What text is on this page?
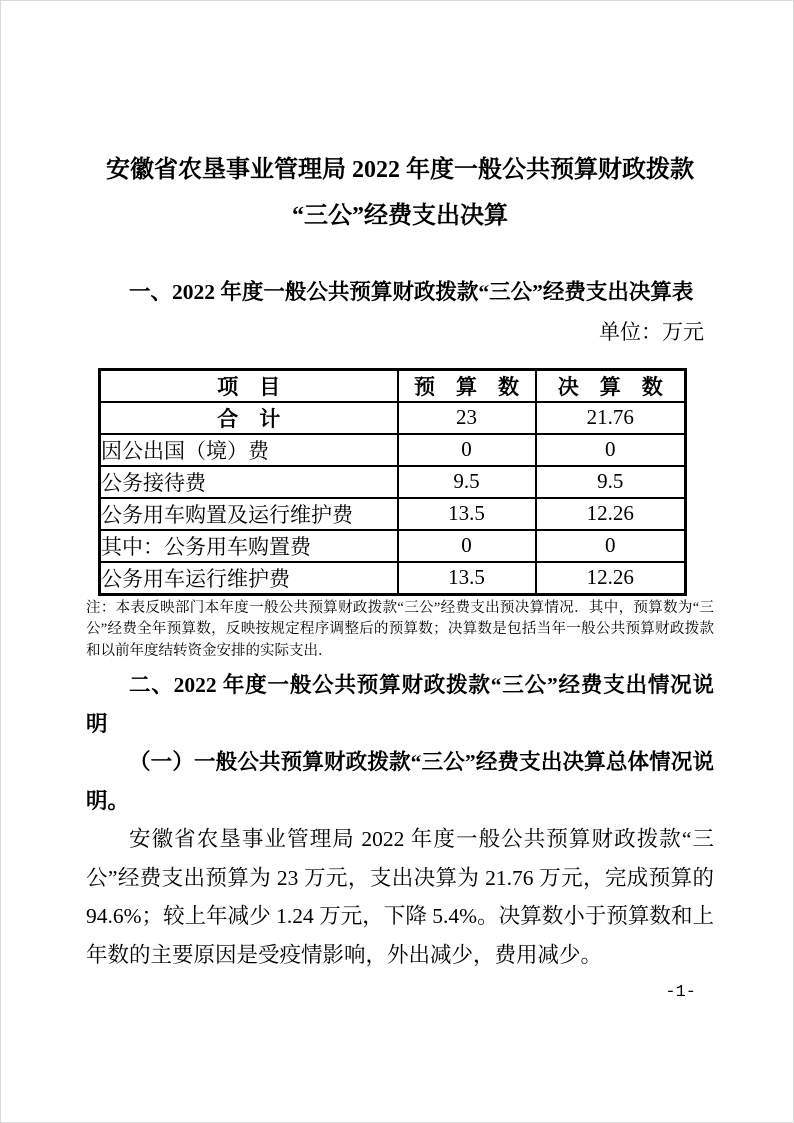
安徽省农垦事业管理局 2022 年度一般公共预算财政拨款
“三公”经费支出决算

一、2022 年度一般公共预算财政拨款“三公”经费支出决算表

单位：万元
项　目	预　算　数	决　算　数
合　计	23	21.76
因公出国（境）费	0	0
公务接待费	9.5	9.5
公务用车购置及运行维护费	13.5	12.26
其中：公务用车购置费	0	0
公务用车运行维护费	13.5	12.26
注：本表反映部门本年度一般公共预算财政拨款“三公”经费支出预决算情况．其中，预算数为“三公”经费全年预算数，反映按规定程序调整后的预算数；决算数是包括当年一般公共预算财政拨款和以前年度结转资金安排的实际支出．

二、2022 年度一般公共预算财政拨款“三公”经费支出情况说明

（一）一般公共预算财政拨款“三公”经费支出决算总体情况说明。

安徽省农垦事业管理局 2022 年度一般公共预算财政拨款“三公”经费支出预算为 23 万元，支出决算为 21.76 万元，完成预算的 94.6%；较上年减少 1.24 万元，下降 5.4%。决算数小于预算数和上年数的主要原因是受疫情影响，外出减少，费用减少。

-1-
